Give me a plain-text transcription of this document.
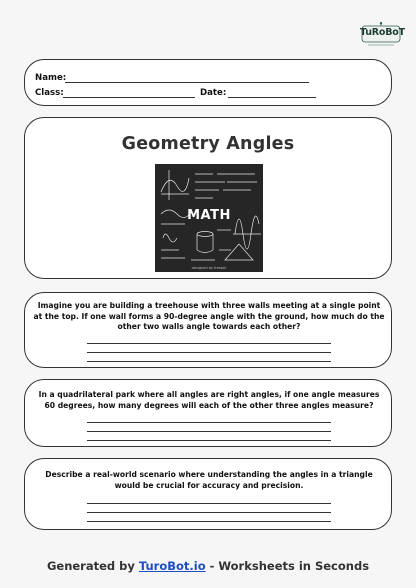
TuRoBoT
Name:
Class:	Date:
Geometry Angles
MATH
designed by freepik
Imagine you are building a treehouse with three walls meeting at a single point at the top. If one wall forms a 90-degree angle with the ground, how much do the other two walls angle towards each other?
In a quadrilateral park where all angles are right angles, if one angle measures 60 degrees, how many degrees will each of the other three angles measure?
Describe a real-world scenario where understanding the angles in a triangle would be crucial for accuracy and precision.
Generated by TuroBot.io - Worksheets in Seconds
